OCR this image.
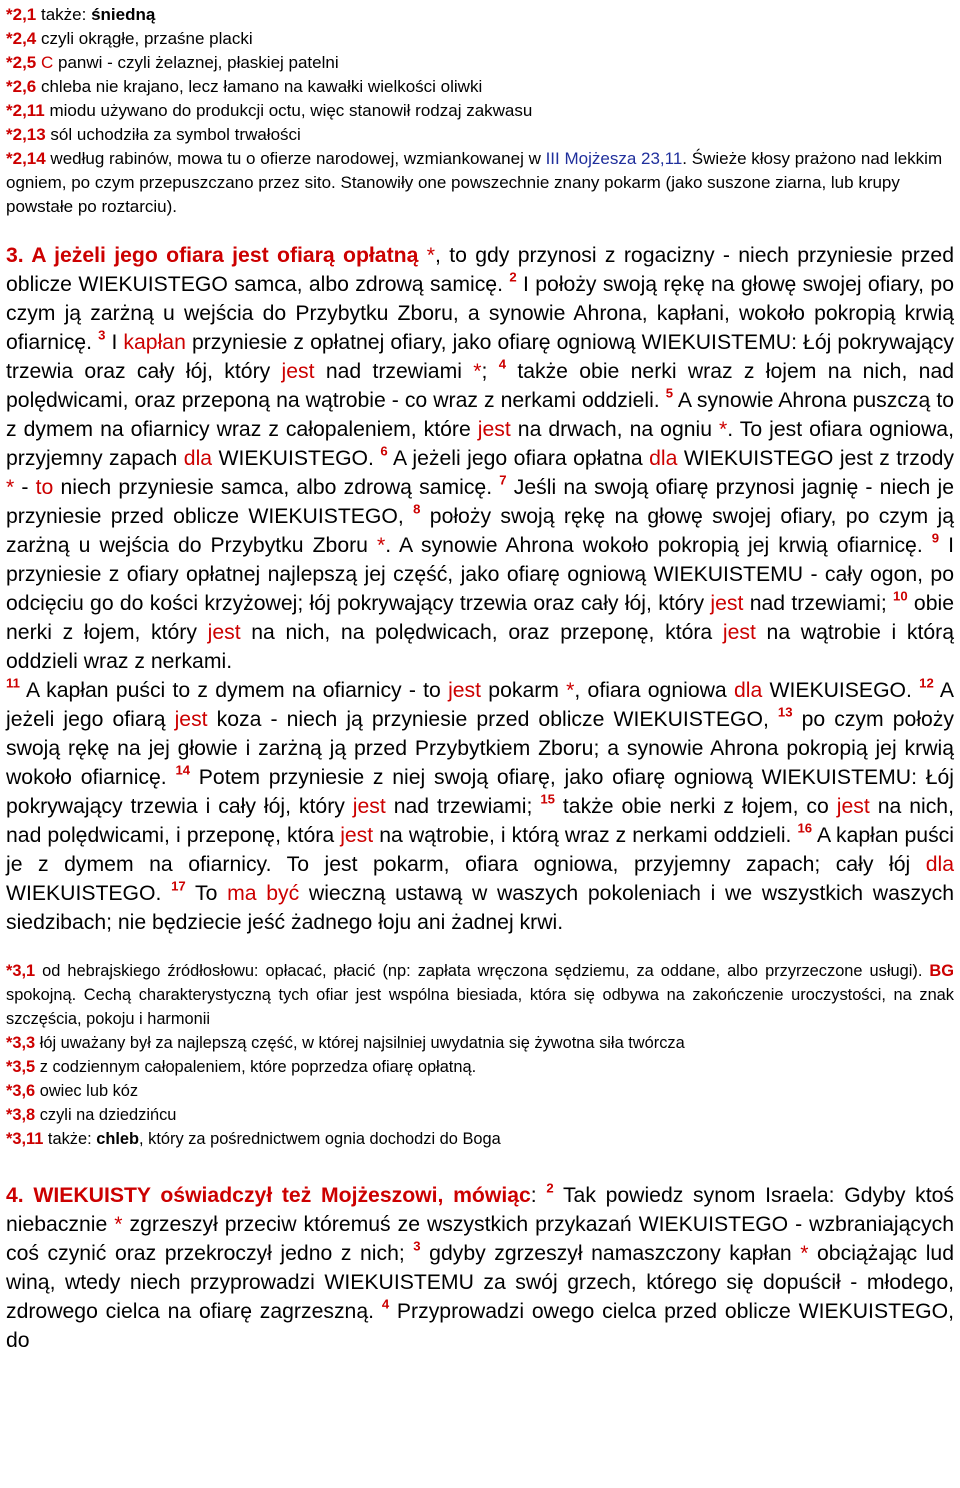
*2,1 także: śniedną

*2,4 czyli okrągłe, przaśne placki

*2,5 C panwi - czyli żelaznej, płaskiej patelni

*2,6 chleba nie krajano, lecz łamano na kawałki wielkości oliwki

*2,11 miodu używano do produkcji octu, więc stanowił rodzaj zakwasu

*2,13 sól uchodziła za symbol trwałości

*2,14 według rabinów, mowa tu o ofierze narodowej, wzmiankowanej w III Mojżesza 23,11. Świeże kłosy prażono nad lekkim ogniem, po czym przepuszczano przez sito. Stanowiły one powszechnie znany pokarm (jako suszone ziarna, lub krupy powstałe po roztarciu).

3. A jeżeli jego ofiara jest ofiarą opłatną *, to gdy przynosi z rogacizny - niech przyniesie przed oblicze WIEKUISTEGO samca, albo zdrową samicę. $^2$ I położy swoją rękę na głowę swojej ofiary, po czym ją zarżną u wejścia do Przybytku Zboru, a synowie Ahrona, kapłani, wokoło pokropią krwią ofiarnicę. $^3$ I kapłan przyniesie z opłatnej ofiary, jako ofiarę ogniową WIEKUISTEMU: Łój pokrywający trzewia oraz cały łój, który jest nad trzewiami *; $^4$ także obie nerki wraz z łojem na nich, nad polędwicami, oraz przeponą na wątrobie - co wraz z nerkami oddzieli. $^5$ A synowie Ahrona puszczą to z dymem na ofiarnicy wraz z całopaleniem, które jest na drwach, na ogniu *. To jest ofiara ogniowa, przyjemny zapach dla WIEKUISTEGO. $^6$ A jeżeli jego ofiara opłatna dla WIEKUISTEGO jest z trzody * - to niech przyniesie samca, albo zdrową samicę. $^7$ Jeśli na swoją ofiarę przynosi jagnię - niech je przyniesie przed oblicze WIEKUISTEGO, $^8$ położy swoją rękę na głowę swojej ofiary, po czym ją zarżną u wejścia do Przybytku Zboru *. A synowie Ahrona wokoło pokropią jej krwią ofiarnicę. $^9$ I przyniesie z ofiary opłatnej najlepszą jej część, jako ofiarę ogniową WIEKUISTEMU - cały ogon, po odcięciu go do kości krzyżowej; łój pokrywający trzewia oraz cały łój, który jest nad trzewiami; $^{10}$ obie nerki z łojem, który jest na nich, na polędwicach, oraz przeponę, która jest na wątrobie i którą oddzieli wraz z nerkami.
$^{11}$ A kapłan puści to z dymem na ofiarnicy - to jest pokarm *, ofiara ogniowa dla WIEKUISEGO. $^{12}$ A jeżeli jego ofiarą jest koza - niech ją przyniesie przed oblicze WIEKUISTEGO, $^{13}$ po czym położy swoją rękę na jej głowie i zarżną ją przed Przybytkiem Zboru; a synowie Ahrona pokropią jej krwią wokoło ofiarnicę. $^{14}$ Potem przyniesie z niej swoją ofiarę, jako ofiarę ogniową WIEKUISTEMU: Łój pokrywający trzewia i cały łój, który jest nad trzewiami; $^{15}$ także obie nerki z łojem, co jest na nich, nad polędwicami, i przeponę, która jest na wątrobie, i którą wraz z nerkami oddzieli. $^{16}$ A kapłan puści je z dymem na ofiarnicy. To jest pokarm, ofiara ogniowa, przyjemny zapach; cały łój dla WIEKUISTEGO. $^{17}$ To ma być wieczną ustawą w waszych pokoleniach i we wszystkich waszych siedzibach; nie będziecie jeść żadnego łoju ani żadnej krwi.

*3,1 od hebrajskiego źródłosłowu: opłacać, płacić (np: zapłata wręczona sędziemu, za oddane, albo przyrzeczone usługi). BG spokojną. Cechą charakterystyczną tych ofiar jest wspólna biesiada, która się odbywa na zakończenie uroczystości, na znak szczęścia, pokoju i harmonii

*3,3 łój uważany był za najlepszą część, w której najsilniej uwydatnia się żywotna siła twórcza

*3,5 z codziennym całopaleniem, które poprzedza ofiarę opłatną.

*3,6 owiec lub kóz

*3,8 czyli na dziedzińcu

*3,11 także: chleb, który za pośrednictwem ognia dochodzi do Boga

4. WIEKUISTY oświadczył też Mojżeszowi, mówiąc: $^2$ Tak powiedz synom Israela: Gdyby ktoś niebacznie * zgrzeszył przeciw któremuś ze wszystkich przykazań WIEKUISTEGO - wzbraniających coś czynić oraz przekroczył jedno z nich; $^3$ gdyby zgrzeszył namaszczony kapłan * obciążając lud winą, wtedy niech przyprowadzi WIEKUISTEMU za swój grzech, którego się dopuścił - młodego, zdrowego cielca na ofiarę zagrzeszną. $^4$ Przyprowadzi owego cielca przed oblicze WIEKUISTEGO, do
